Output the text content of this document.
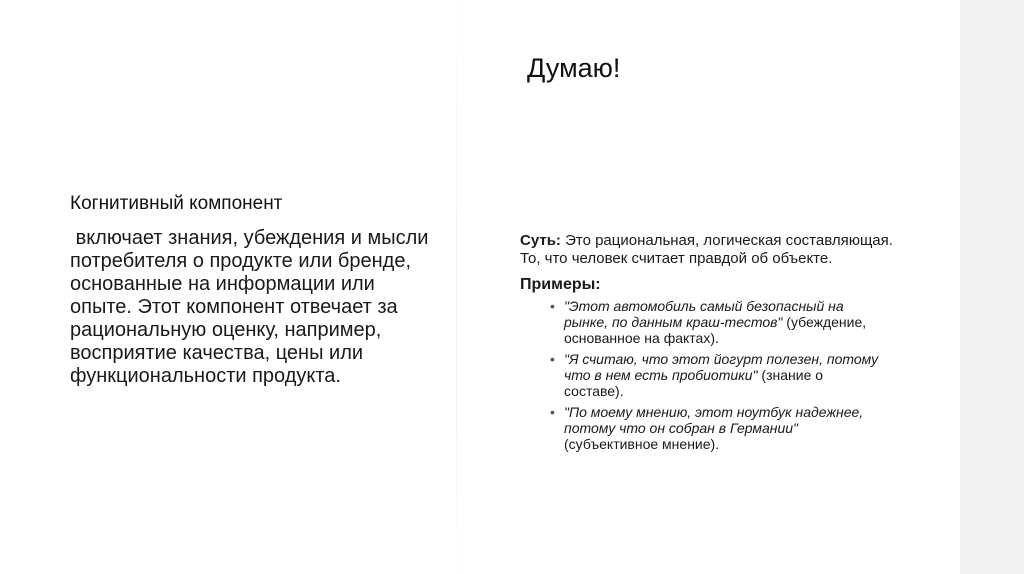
Когнитивный компонент
включает знания, убеждения и мысли потребителя о продукте или бренде, основанные на информации или опыте. Этот компонент отвечает за рациональную оценку, например, восприятие качества, цены или функциональности продукта.
Думаю!
Суть: Это рациональная, логическая составляющая. То, что человек считает правдой об объекте.
Примеры:
• "Этот автомобиль самый безопасный на рынке, по данным краш-тестов" (убеждение, основанное на фактах).
• "Я считаю, что этот йогурт полезен, потому что в нем есть пробиотики" (знание о составе).
• "По моему мнению, этот ноутбук надежнее, потому что он собран в Германии" (субъективное мнение).
